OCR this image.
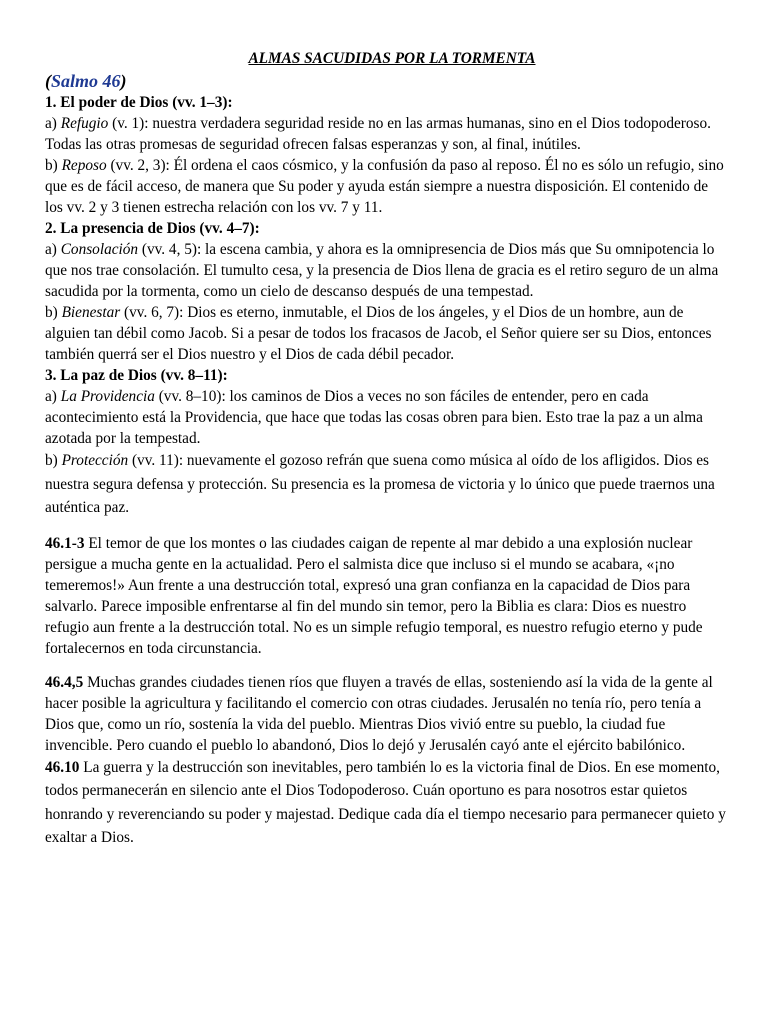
ALMAS SACUDIDAS POR LA TORMENTA

(Salmo 46)

1. El poder de Dios (vv. 1–3):

a) Refugio (v. 1): nuestra verdadera seguridad reside no en las armas humanas, sino en el Dios todopoderoso. Todas las otras promesas de seguridad ofrecen falsas esperanzas y son, al final, inútiles.

b) Reposo (vv. 2, 3): Él ordena el caos cósmico, y la confusión da paso al reposo. Él no es sólo un refugio, sino que es de fácil acceso, de manera que Su poder y ayuda están siempre a nuestra disposición. El contenido de los vv. 2 y 3 tienen estrecha relación con los vv. 7 y 11.

2. La presencia de Dios (vv. 4–7):

a) Consolación (vv. 4, 5): la escena cambia, y ahora es la omnipresencia de Dios más que Su omnipotencia lo que nos trae consolación. El tumulto cesa, y la presencia de Dios llena de gracia es el retiro seguro de un alma sacudida por la tormenta, como un cielo de descanso después de una tempestad.

b) Bienestar (vv. 6, 7): Dios es eterno, inmutable, el Dios de los ángeles, y el Dios de un hombre, aun de alguien tan débil como Jacob. Si a pesar de todos los fracasos de Jacob, el Señor quiere ser su Dios, entonces también querrá ser el Dios nuestro y el Dios de cada débil pecador.

3. La paz de Dios (vv. 8–11):

a) La Providencia (vv. 8–10): los caminos de Dios a veces no son fáciles de entender, pero en cada acontecimiento está la Providencia, que hace que todas las cosas obren para bien. Esto trae la paz a un alma azotada por la tempestad.

b) Protección (vv. 11): nuevamente el gozoso refrán que suena como música al oído de los afligidos. Dios es nuestra segura defensa y protección. Su presencia es la promesa de victoria y lo único que puede traernos una auténtica paz.

46.1-3 El temor de que los montes o las ciudades caigan de repente al mar debido a una explosión nuclear persigue a mucha gente en la actualidad. Pero el salmista dice que incluso si el mundo se acabara, «¡no temeremos!» Aun frente a una destrucción total, expresó una gran confianza en la capacidad de Dios para salvarlo. Parece imposible enfrentarse al fin del mundo sin temor, pero la Biblia es clara: Dios es nuestro refugio aun frente a la destrucción total. No es un simple refugio temporal, es nuestro refugio eterno y pude fortalecernos en toda circunstancia.

46.4,5 Muchas grandes ciudades tienen ríos que fluyen a través de ellas, sosteniendo así la vida de la gente al hacer posible la agricultura y facilitando el comercio con otras ciudades. Jerusalén no tenía río, pero tenía a Dios que, como un río, sostenía la vida del pueblo. Mientras Dios vivió entre su pueblo, la ciudad fue invencible. Pero cuando el pueblo lo abandonó, Dios lo dejó y Jerusalén cayó ante el ejército babilónico.

46.10 La guerra y la destrucción son inevitables, pero también lo es la victoria final de Dios. En ese momento, todos permanecerán en silencio ante el Dios Todopoderoso. Cuán oportuno es para nosotros estar quietos honrando y reverenciando su poder y majestad. Dedique cada día el tiempo necesario para permanecer quieto y exaltar a Dios.
